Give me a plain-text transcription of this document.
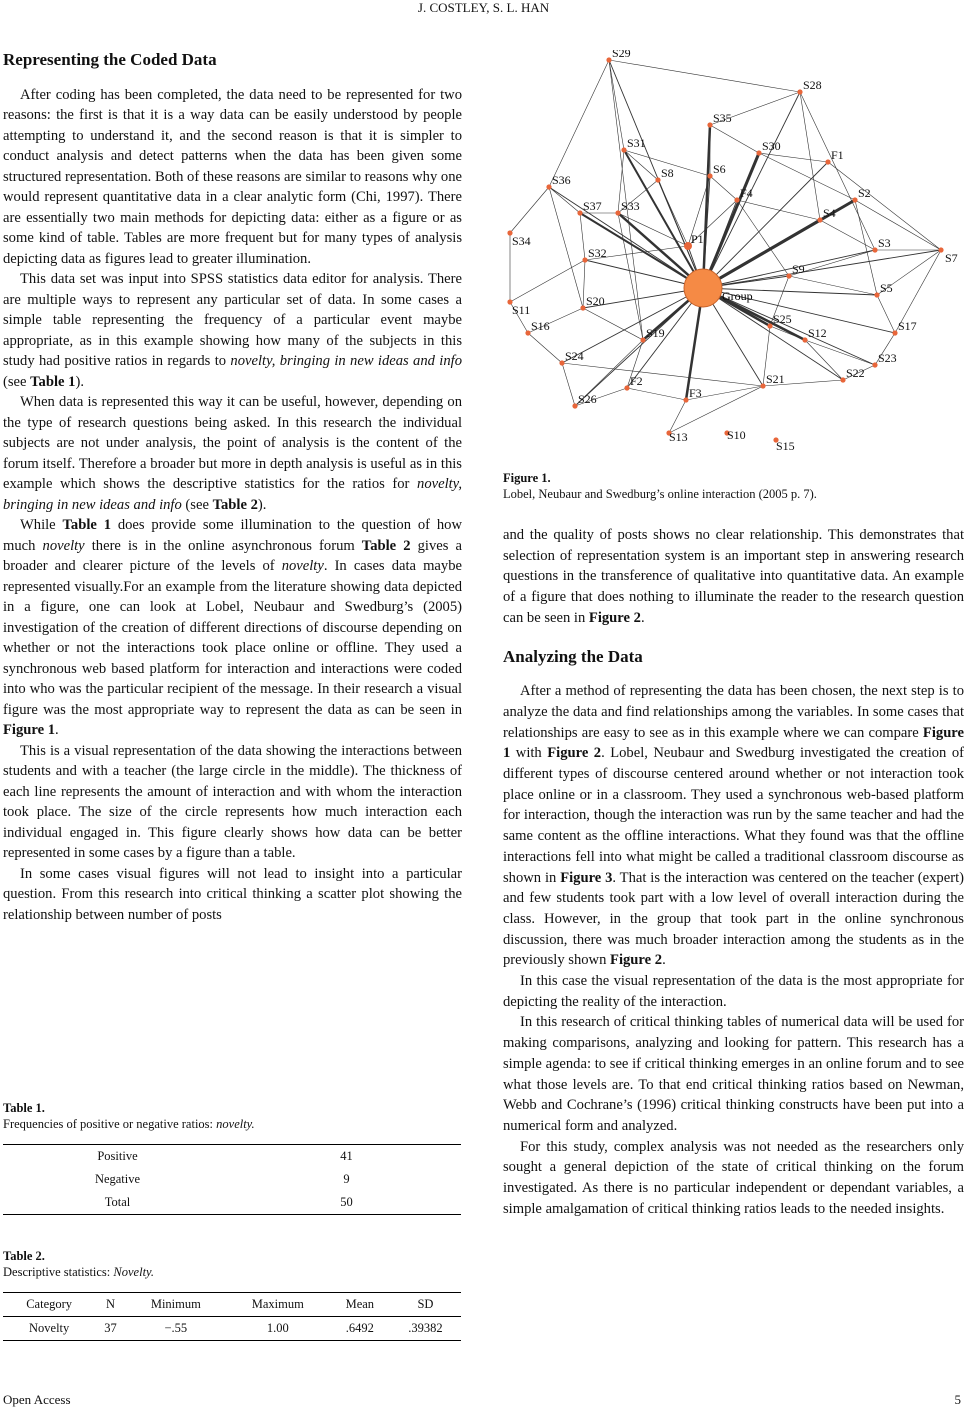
J. COSTLEY, S. L. HAN
Representing the Coded Data

After coding has been completed, the data need to be represented for two reasons: the first is that it is a way data can be easily understood by people attempting to understand it, and the second reason is that it is simpler to conduct analysis and detect patterns when the data has been given some structured representation. Both of these reasons are similar to reasons why one would represent quantitative data in a clear analytic form (Chi, 1997). There are essentially two main methods for depicting data: either as a figure or as some kind of table. Tables are more frequent but for many types of analysis depicting data as figures lead to greater illumination.

This data set was input into SPSS statistics data editor for analysis. There are multiple ways to represent any particular set of data. In some cases a simple table representing the frequency of a particular event maybe appropriate, as in this example showing how many of the subjects in this study had positive ratios in regards to novelty, bringing in new ideas and info (see Table 1).

When data is represented this way it can be useful, however, depending on the type of research questions being asked. In this research the individual subjects are not under analysis, the point of analysis is the content of the forum itself. Therefore a broader but more in depth analysis is useful as in this example which shows the descriptive statistics for the ratios for novelty, bringing in new ideas and info (see Table 2).

While Table 1 does provide some illumination to the question of how much novelty there is in the online asynchronous forum Table 2 gives a broader and clearer picture of the levels of novelty. In cases data maybe represented visually.For an example from the literature showing data depicted in a figure, one can look at Lobel, Neubaur and Swedburg’s (2005) investigation of the creation of different directions of discourse depending on whether or not the interactions took place online or offline. They used a synchronous web based platform for interaction and interactions were coded into who was the particular recipient of the message. In their research a visual figure was the most appropriate way to represent the data as can be seen in Figure 1.

This is a visual representation of the data showing the interactions between students and with a teacher (the large circle in the middle). The thickness of each line represents the amount of interaction and with whom the interaction took place. The size of the circle represents how much interaction each individual engaged in. This figure clearly shows how data can be better represented in some cases by a figure than a table.

In some cases visual figures will not lead to insight into a particular question. From this research into critical thinking a scatter plot showing the relationship between number of posts

Table 1.
Frequencies of positive or negative ratios: novelty.
Positive	41
Negative	9
Total	50
Table 2.
Descriptive statistics: Novelty.
Category	N	Minimum	Maximum	Mean	SD
Novelty	37	−.55	1.00	.6492	.39382
S29
S28
S35
S31	S30
F1
S8	S6
S36
F4	S2
S37 S33	S4
S34	P1	S3
S7
S32
S9
S11
S5
S20
S25	S17
S16	S19	S12
S24	S23
S22
F2	S21
F3
S26
S13	S10
S15
Group
Figure 1.
Lobel, Neubaur and Swedburg’s online interaction (2005 p. 7).

and the quality of posts shows no clear relationship. This demonstrates that selection of representation system is an important step in answering research questions in the transference of qualitative into quantitative data. An example of a figure that does nothing to illuminate the reader to the research question can be seen in Figure 2.

Analyzing the Data

After a method of representing the data has been chosen, the next step is to analyze the data and find relationships among the variables. In some cases that relationships are easy to see as in this example where we can compare Figure 1 with Figure 2. Lobel, Neubaur and Swedburg investigated the creation of different types of discourse centered around whether or not interaction took place online or in a classroom. They used a synchronous web-based platform for interaction, though the interaction was run by the same teacher and had the same content as the offline interactions. What they found was that the offline interactions fell into what might be called a traditional classroom discourse as shown in Figure 3. That is the interaction was centered on the teacher (expert) and few students took part with a low level of overall interaction during the class. However, in the group that took part in the online synchronous discussion, there was much broader interaction among the students as in the previously shown Figure 2.

In this case the visual representation of the data is the most appropriate for depicting the reality of the interaction.

In this research of critical thinking tables of numerical data will be used for making comparisons, analyzing and looking for pattern. This research has a simple agenda: to see if critical thinking emerges in an online forum and to see what those levels are. To that end critical thinking ratios based on Newman, Webb and Cochrane’s (1996) critical thinking constructs have been put into a numerical form and analyzed.

For this study, complex analysis was not needed as the researchers only sought a general depiction of the state of critical thinking on the forum investigated. As there is no particular independent or dependant variables, a simple amalgamation of critical thinking ratios leads to the needed insights.

Open Access	5
